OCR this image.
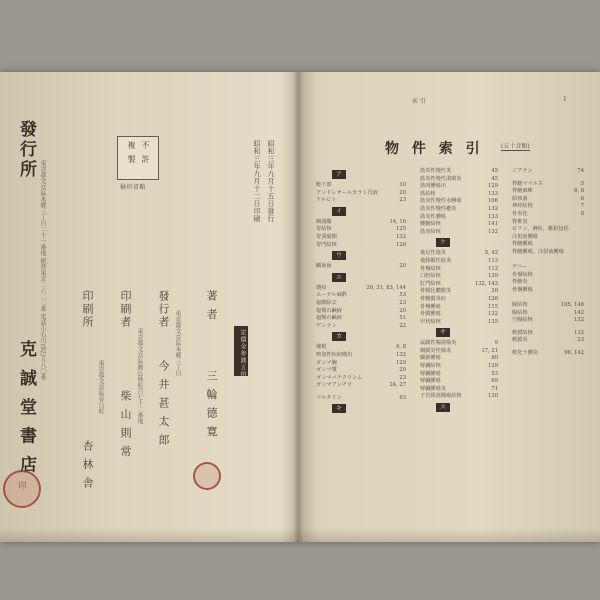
發行所
東京都文京區本郷三丁目二十一番地 振替東京二六二二番 電話小石川(92)五八〇番
克 誠 堂 書 店
印
印刷所
東京都文京區春日町
杏 林 舎
印刷者
東京都文京區駒込林町百七十二番地
柴 山 則 常
不許
複製
檢印省略
發行者
東京都文京區本郷三丁目
今 井 甚 太 郎
著 者
三 輪 德 寛
昭和三年九月十二日印刷 昭和三年九月十五日發行
定價金参圓五拾錢
索 引	1
物 件 索 引	(五十音順)
ア
鞍下部	10
アンドレオールカラト氏液	20
アルビト	23
イ
咽頭腺	14, 16
胃結核	125
胃潰瘍類	132
胃門結核	126
ウ
齲歯齒	20
エ
壊疽	26, 31, 83, 144
エーテル麻酔	53
塩酸除去	23
塩類石鹸液	20
塩類石鹸液	51
ゲンラン	22
カ
塊根	6, 8
喀血性疾病變出	132
ガンマ胸	129
ガンマ漿	20
ガンマバチクリンム	23
ガンマアンチツ	24, 27
マルタリン	63
キ
筋炎性慢性炎	45
筋炎性慢性潰瘍炎	45
筋肉腫瘍出	129
筋結核	133
筋炎性慢性水腫瘍	106
筋炎性慢性癒炎	132
筋炎性腫瘍	133
腰髄結核	141
筋炎結核	132
ケ
後足性傷炎	5, 42
後膝膜性筋炎	113
骨盤結核	112
口腔結核	139
肛門結核	132, 143
骨膜化膿膜炎	20
骨髄膜炎症	126
骨盤腫瘍	115
骨膜腫瘍	132
甲状結核	135
サ
鼠蹊性腺潰瘍炎	9
網膜炎性肺炎	17, 21
關節腫瘍	80
腎臓結核	129
腎臓腫瘍	53
腎臓腫瘍	69
腎臓腫瘍炎	71
子宮頸部腫瘍結核	130
ス
ジアテン	74
脊髄ママルス	5
脊髄麻痺	6, 8
結核菌	6
神経結核	7
骨炎化	8
脊椎炎
ピリン、淋疾、錐鉛包括
注射液腫瘍
脊髄腫瘍
脊髄腫瘍、注射液腫瘍
デニー
骨盤結核
脊髄炎
骨盤腫瘍
腸結核	105, 146
腸結核	142
空腸結核	132
軟膜結核	132
軟膜炎	23
軟化ラ腫炎	96, 142
